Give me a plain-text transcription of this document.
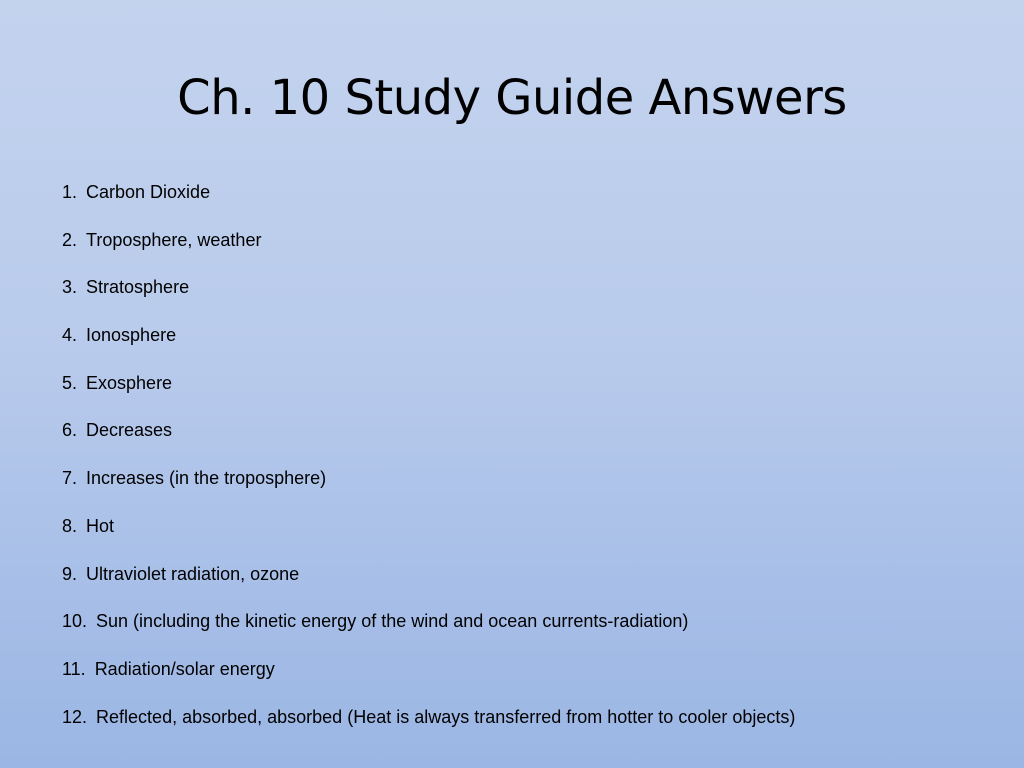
Ch. 10 Study Guide Answers
1. Carbon Dioxide
2. Troposphere, weather
3. Stratosphere
4. Ionosphere
5. Exosphere
6. Decreases
7. Increases (in the troposphere)
8. Hot
9. Ultraviolet radiation, ozone
10. Sun (including the kinetic energy of the wind and ocean currents-radiation)
11. Radiation/solar energy
12. Reflected, absorbed, absorbed (Heat is always transferred from hotter to cooler objects)
